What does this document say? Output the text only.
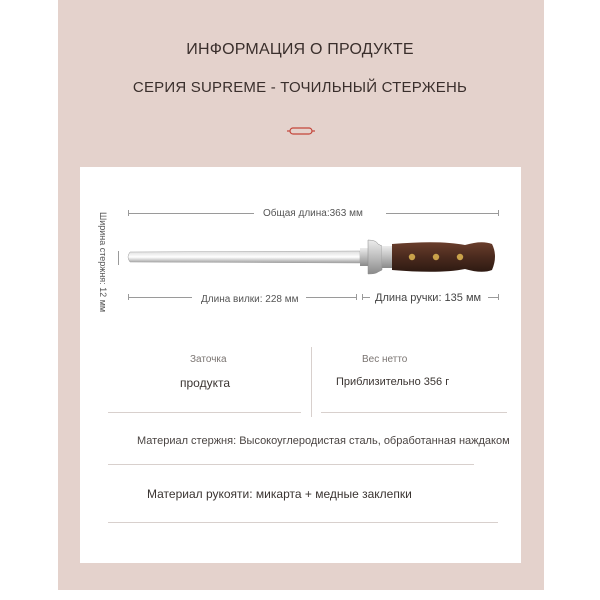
ИНФОРМАЦИЯ О ПРОДУКТЕ
СЕРИЯ SUPREME - ТОЧИЛЬНЫЙ СТЕРЖЕНЬ
Общая длина:363 мм
Ширина стержня: 12 мм	Длина вилки: 228 мм	Длина ручки: 135 мм
Заточка
продукта
Вес нетто
Приблизительно 356 г
Материал стержня: Высокоуглеродистая сталь, обработанная наждаком
Материал рукояти: микарта + медные заклепки
